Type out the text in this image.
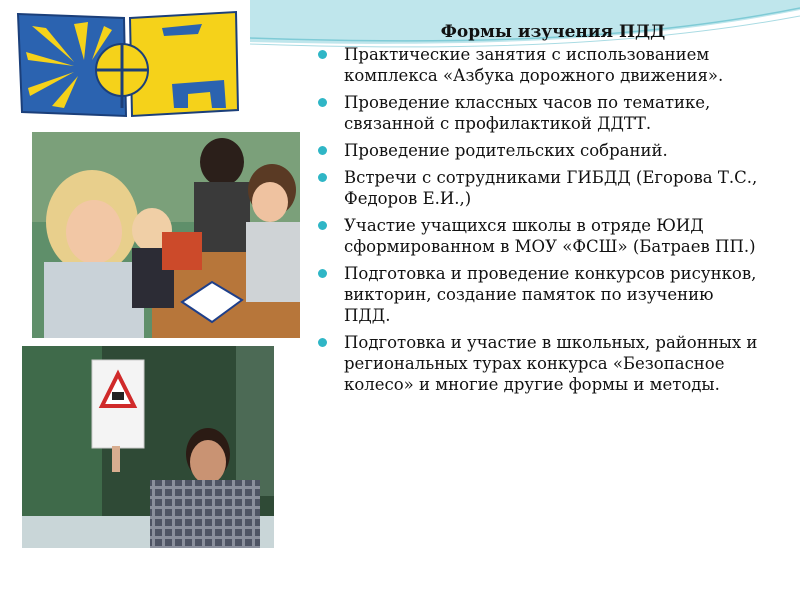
Формы изучения ПДД
Практические занятия с использованием комплекса «Азбука дорожного движения».
Проведение классных часов по тематике, связанной с профилактикой ДДТТ.
Проведение родительских собраний.
Встречи с сотрудниками ГИБДД (Егорова Т.С., Федоров Е.И.,)
Участие учащихся школы в отряде ЮИД сформированном в МОУ «ФСШ» (Батраев ПП.)
Подготовка и проведение конкурсов рисунков, викторин, создание памяток по изучению ПДД.
Подготовка и участие в школьных, районных и региональных турах конкурса «Безопасное колесо» и многие другие формы и методы.
